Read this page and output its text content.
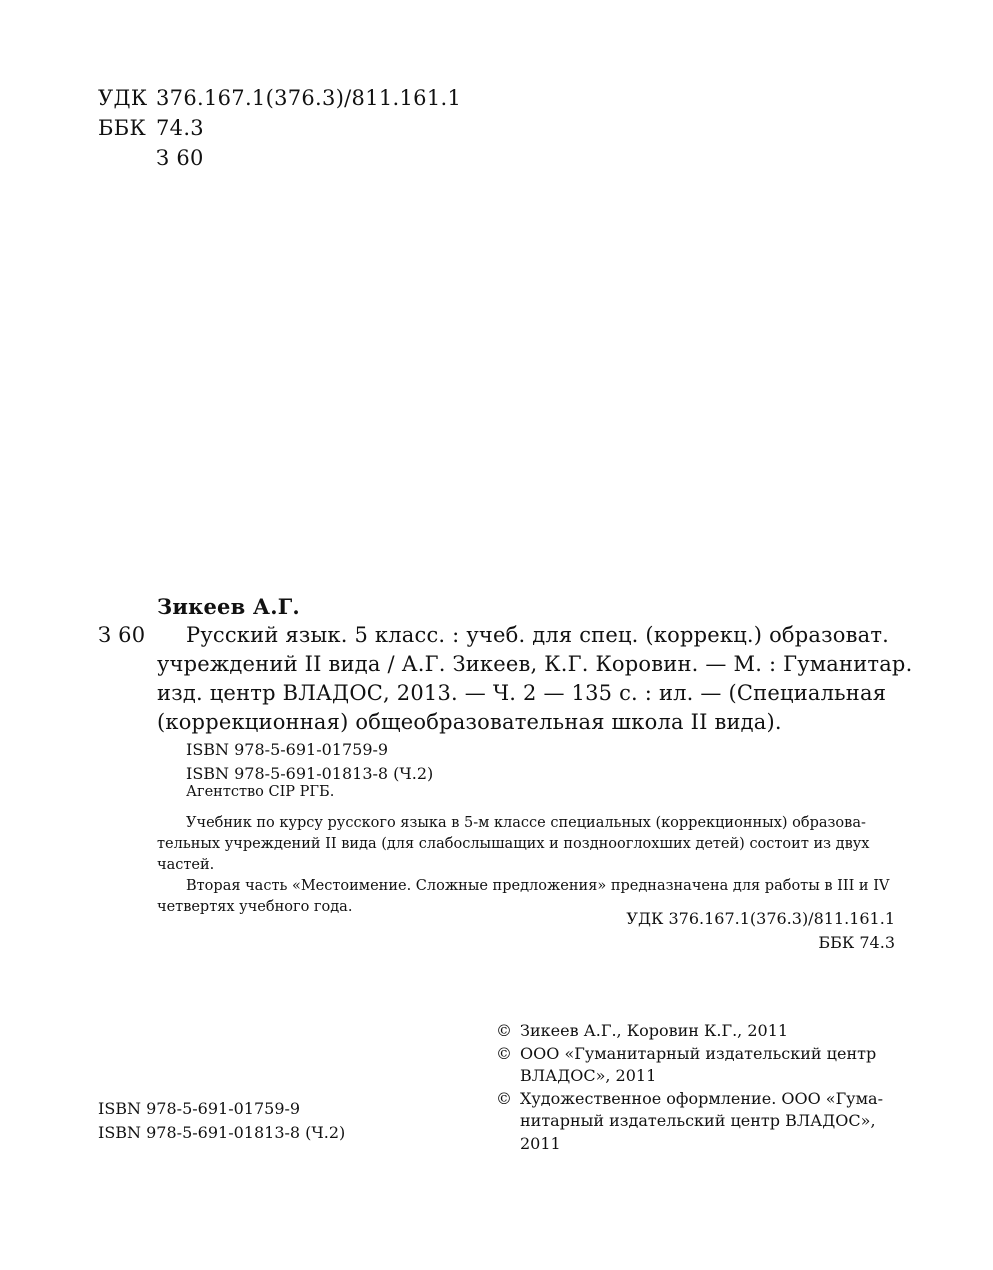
УДК 376.167.1(376.3)/811.161.1
ББК 74.3
З 60
Зикеев А.Г.
З 60	Русский язык. 5 класс. : учеб. для спец. (коррекц.) образоват.
учреждений II вида / А.Г. Зикеев, К.Г. Коровин. — М. : Гуманитар.
изд. центр ВЛАДОС, 2013. — Ч. 2 — 135 с. : ил. — (Специальная
(коррекционная) общеобразовательная школа II вида).
ISBN 978-5-691-01759-9
ISBN 978-5-691-01813-8 (Ч.2)
Агентство CIP РГБ.
Учебник по курсу русского языка в 5-м классе специальных (коррекционных) образова-
тельных учреждений II вида (для слабослышащих и позднооглохших детей) состоит из двух
частей.
Вторая часть «Местоимение. Сложные предложения» предназначена для работы в III и IV
четвертях учебного года.
УДК 376.167.1(376.3)/811.161.1
ББК 74.3
ISBN 978-5-691-01759-9
ISBN 978-5-691-01813-8 (Ч.2)
© Зикеев А.Г., Коровин К.Г., 2011
© ООО «Гуманитарный издательский центр
ВЛАДОС», 2011
© Художественное оформление. ООО «Гума-
нитарный издательский центр ВЛАДОС»,
2011
